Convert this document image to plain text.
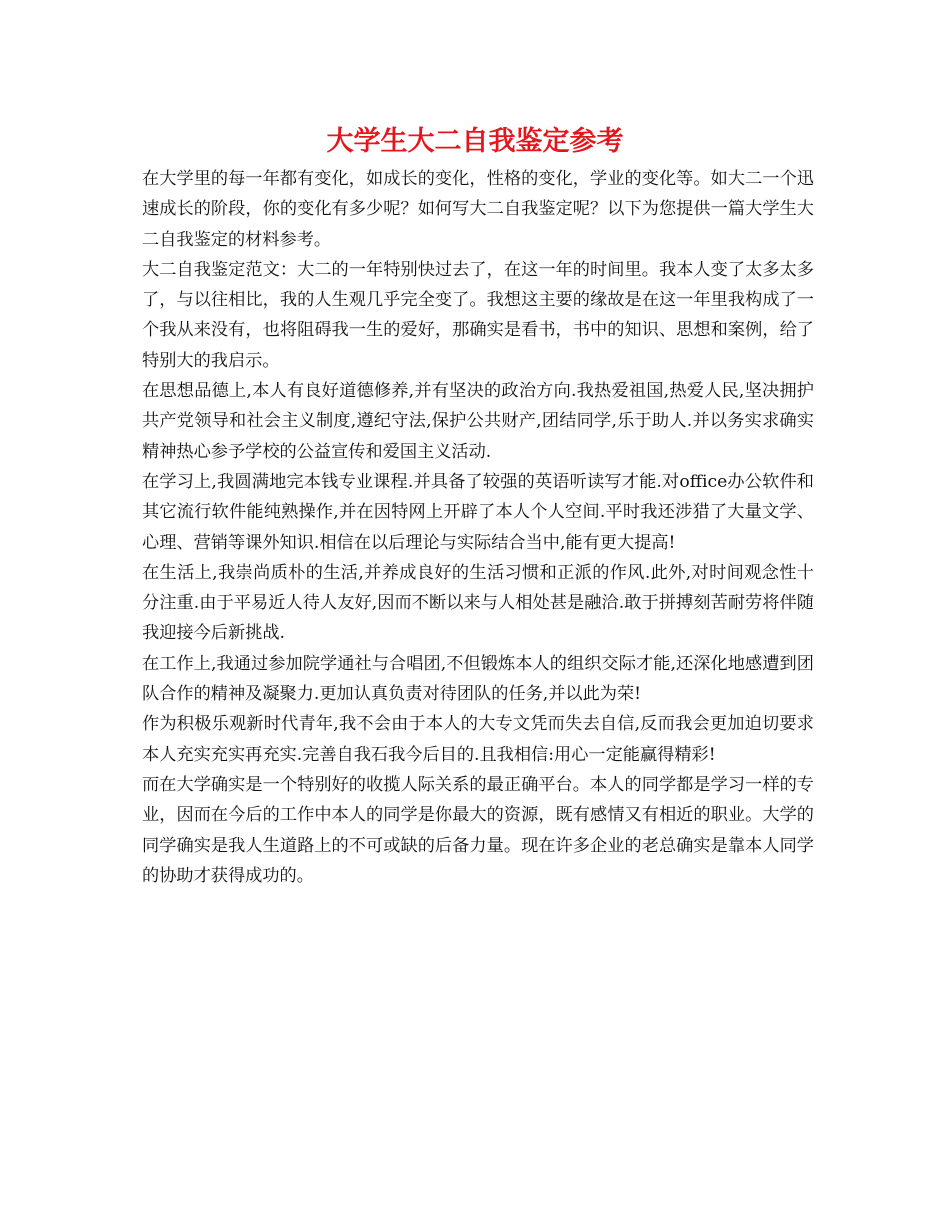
大学生大二自我鉴定参考

在大学里的每一年都有变化，如成长的变化，性格的变化，学业的变化等。如大二一个迅速成长的阶段，你的变化有多少呢？如何写大二自我鉴定呢？以下为您提供一篇大学生大二自我鉴定的材料参考。

大二自我鉴定范文：大二的一年特别快过去了，在这一年的时间里。我本人变了太多太多了，与以往相比，我的人生观几乎完全变了。我想这主要的缘故是在这一年里我构成了一个我从来没有，也将阻碍我一生的爱好，那确实是看书，书中的知识、思想和案例，给了特别大的我启示。

在思想品德上,本人有良好道德修养,并有坚决的政治方向.我热爱祖国,热爱人民,坚决拥护共产党领导和社会主义制度,遵纪守法,保护公共财产,团结同学,乐于助人.并以务实求确实精神热心参予学校的公益宣传和爱国主义活动.

在学习上,我圆满地完本钱专业课程.并具备了较强的英语听读写才能.对office办公软件和其它流行软件能纯熟操作,并在因特网上开辟了本人个人空间.平时我还涉猎了大量文学、心理、营销等课外知识.相信在以后理论与实际结合当中,能有更大提高!

在生活上,我崇尚质朴的生活,并养成良好的生活习惯和正派的作风.此外,对时间观念性十分注重.由于平易近人待人友好,因而不断以来与人相处甚是融洽.敢于拼搏刻苦耐劳将伴随我迎接今后新挑战.

在工作上,我通过参加院学通社与合唱团,不但锻炼本人的组织交际才能,还深化地感遭到团队合作的精神及凝聚力.更加认真负责对待团队的任务,并以此为荣!

作为积极乐观新时代青年,我不会由于本人的大专文凭而失去自信,反而我会更加迫切要求本人充实充实再充实.完善自我石我今后目的.且我相信:用心一定能赢得精彩!

而在大学确实是一个特别好的收揽人际关系的最正确平台。本人的同学都是学习一样的专业，因而在今后的工作中本人的同学是你最大的资源，既有感情又有相近的职业。大学的同学确实是我人生道路上的不可或缺的后备力量。现在许多企业的老总确实是靠本人同学的协助才获得成功的。
